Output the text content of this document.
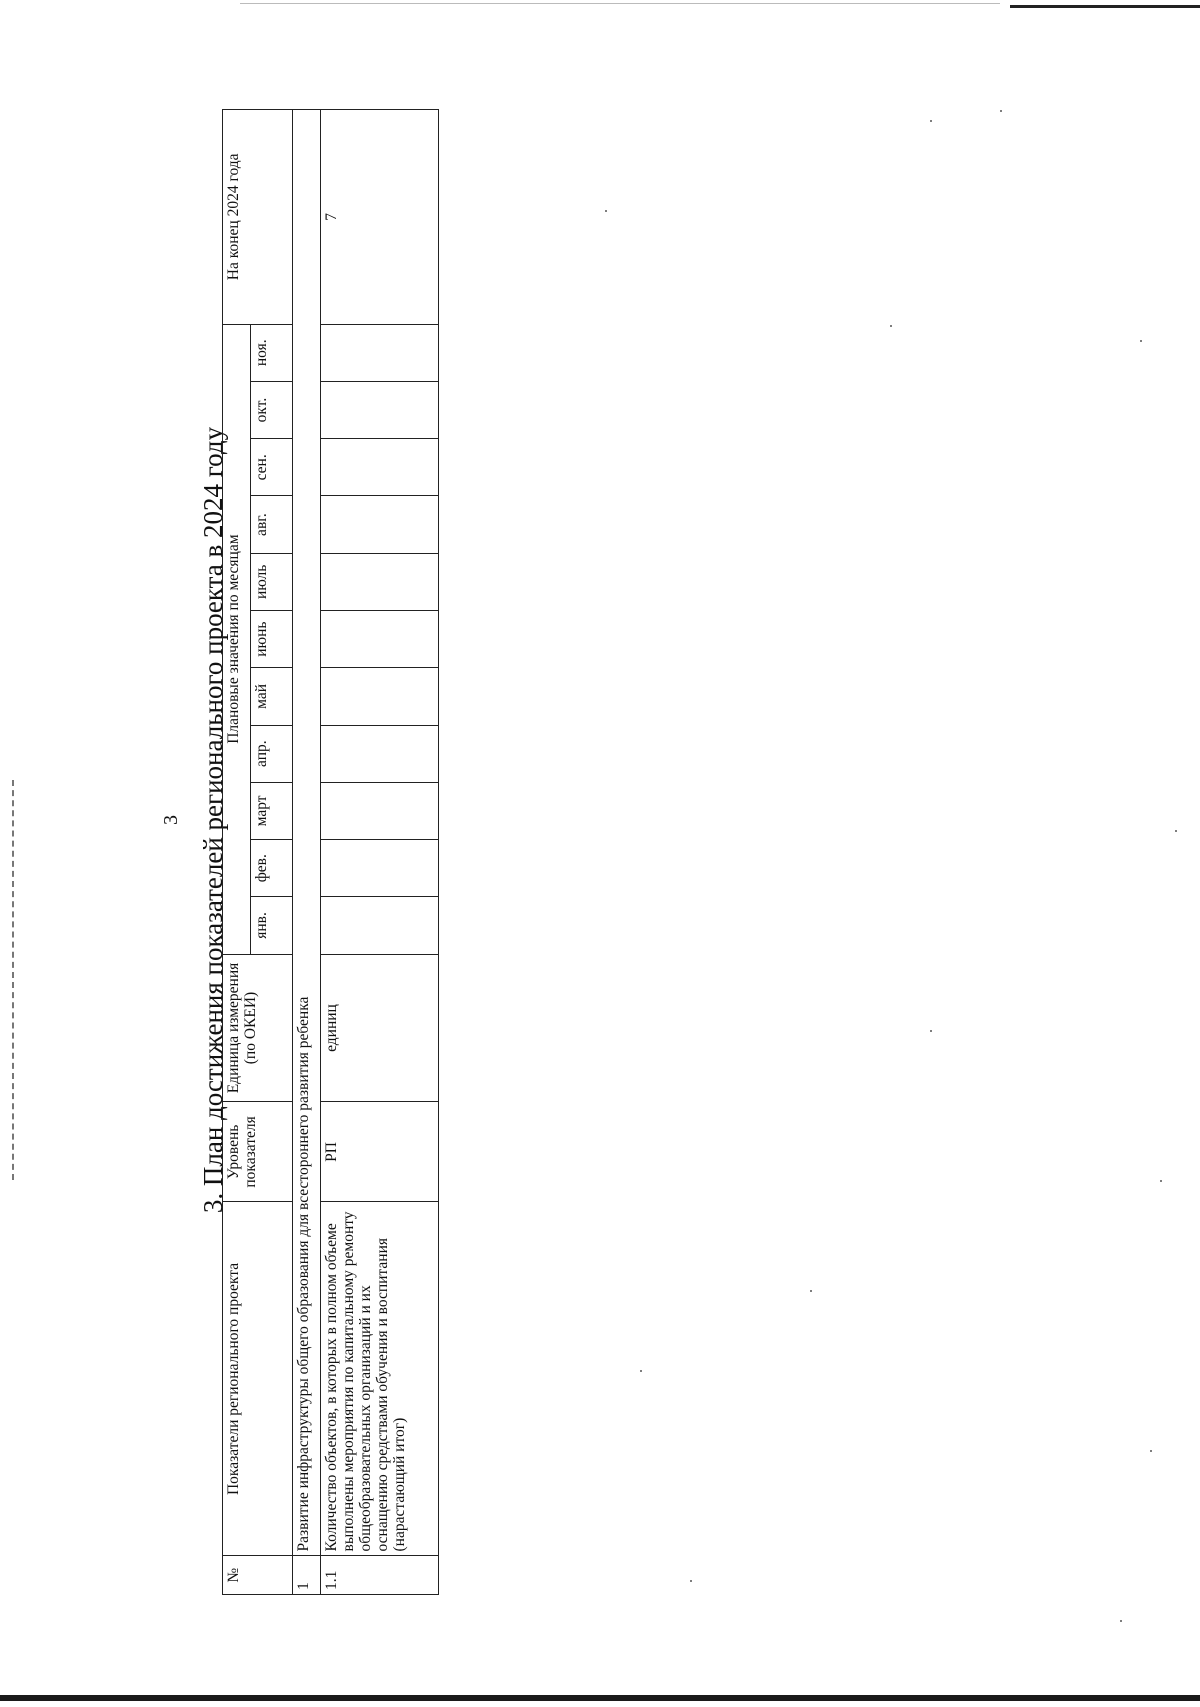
3 3. План достижения показателей регионального проекта в 2024 году
№	Показатели регионального проекта	Уровень показателя	Единица измерения (по ОКЕИ)	Плановые значения по месяцам											На конец 2024 года
				янв.	фев.	март	апр.	май	июнь	июль	авг.	сен.	окт.	ноя.	
1	Развитие инфраструктуры общего образования для всестороннего развития ребенка														
1.1	Количество объектов, в которых в полном объеме выполнены мероприятия по капитальному ремонту общеобразовательных организаций и их оснащению средствами обучения и воспитания (нарастающий итог)	РП	единиц												7
